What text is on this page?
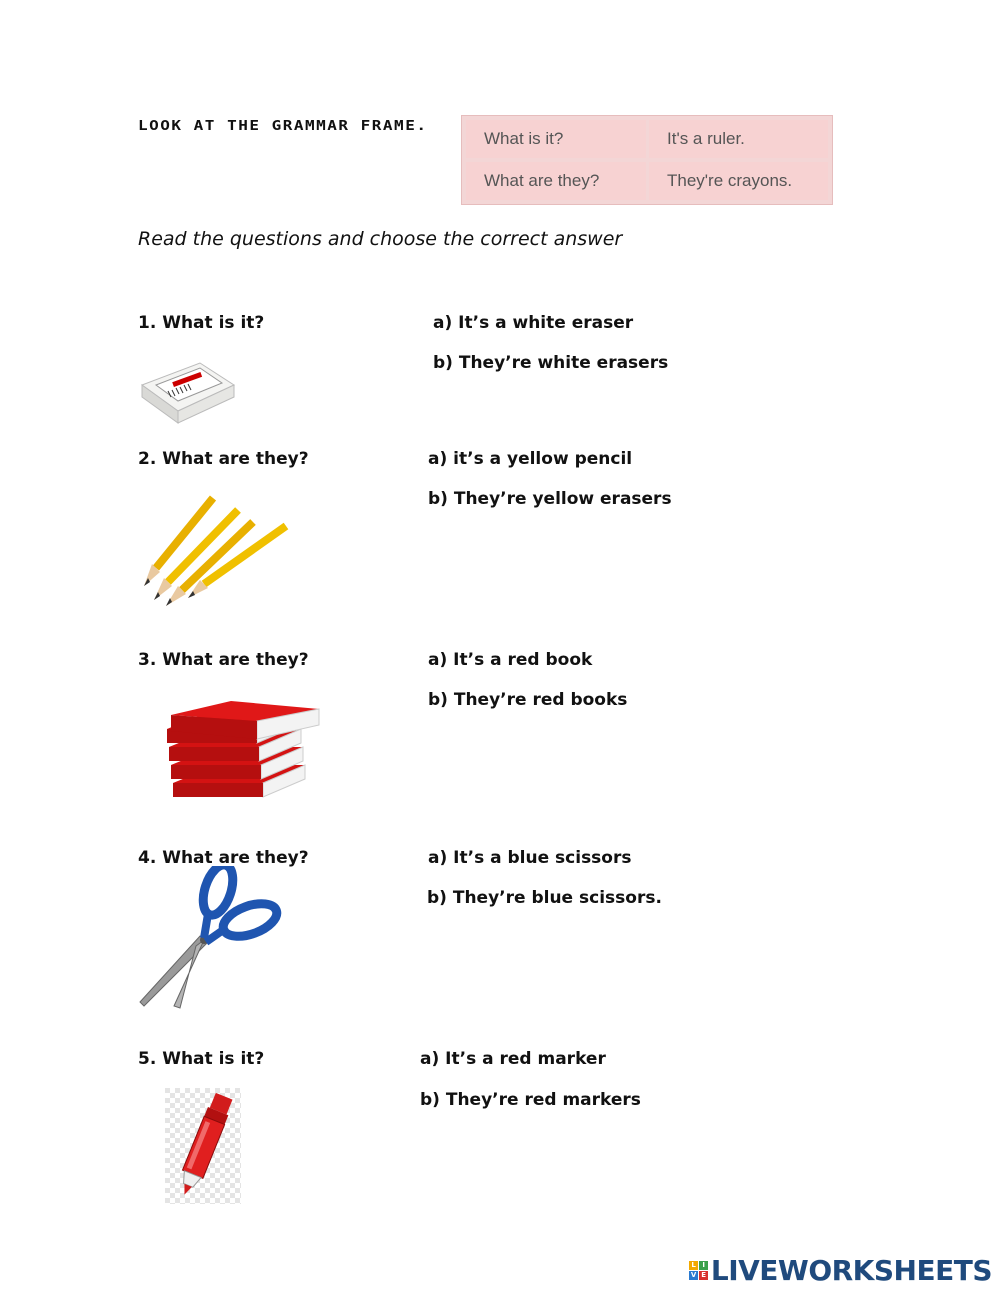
LOOK AT THE GRAMMAR FRAME.
What is it?	It's a ruler.
What are they?	They're crayons.
Read the questions and choose the correct answer
1. What is it?	a) It’s a white eraser
b) They’re white erasers
2. What are they?	a) it’s a yellow pencil
b) They’re yellow erasers
3. What are they?	a) It’s a red book
b) They’re red books
4. What are they?	a) It’s a blue scissors
b) They’re blue scissors.
5. What is it?	a) It’s a red marker
b) They’re red markers
L I
V E LIVEWORKSHEETS
